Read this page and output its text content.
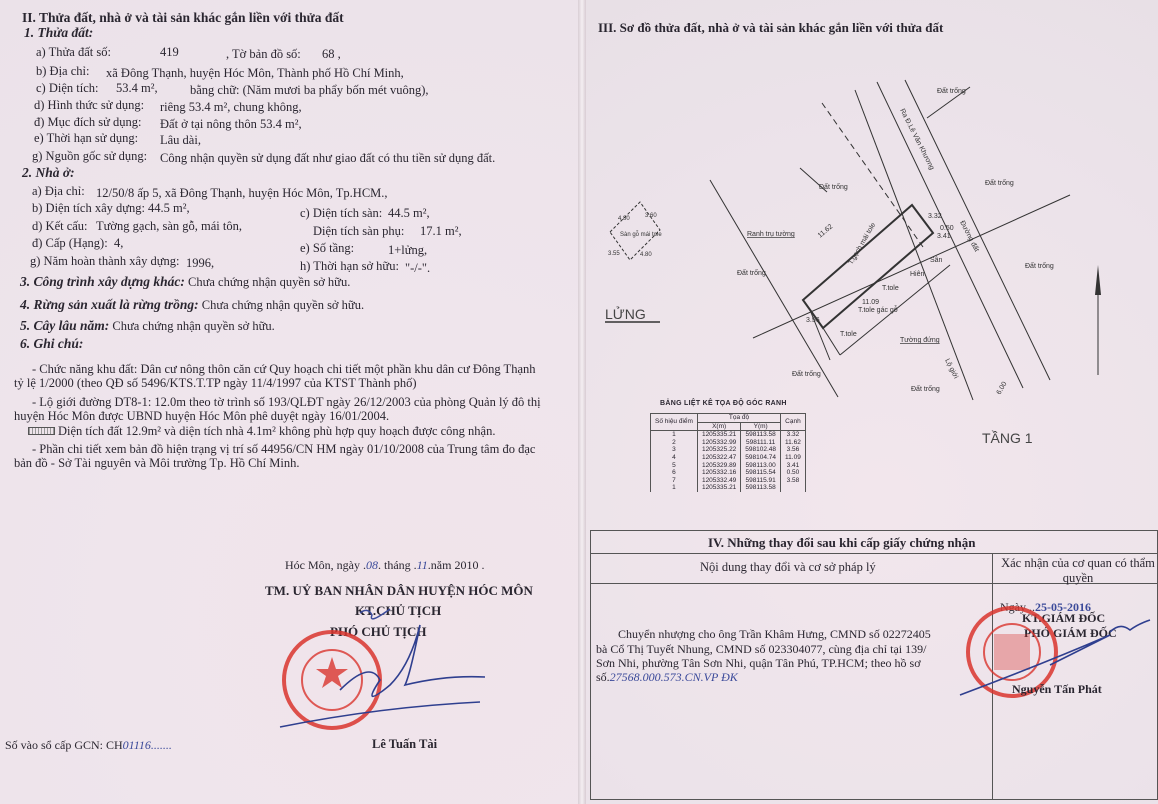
II. Thửa đất, nhà ở và tài sản khác gắn liền với thửa đất
1. Thửa đất:
a) Thửa đất số:	419	, Tờ bản đồ số: 68 ,
b) Địa chỉ: xã Đông Thạnh, huyện Hóc Môn, Thành phố Hồ Chí Minh,
c) Diện tích: 53.4 m²,	bằng chữ: (Năm mươi ba phẩy bốn mét vuông),
d) Hình thức sử dụng: riêng 53.4 m², chung không,
đ) Mục đích sử dụng: Đất ở tại nông thôn 53.4 m²,
e) Thời hạn sử dụng: Lâu dài,
g) Nguồn gốc sử dụng: Công nhận quyền sử dụng đất như giao đất có thu tiền sử dụng đất.
2. Nhà ở:
a) Địa chỉ: 12/50/8 ấp 5, xã Đông Thạnh, huyện Hóc Môn, Tp.HCM.,
b) Diện tích xây dựng: 44.5 m²,	c) Diện tích sàn: 44.5 m²,
d) Kết cấu: Tường gạch, sàn gỗ, mái tôn,	Diện tích sàn phụ: 17.1 m²,
đ) Cấp (Hạng): 4,	e) Số tầng:	1+lửng,
g) Năm hoàn thành xây dựng: 1996,	h) Thời hạn sở hữu: "-/-".
3. Công trình xây dựng khác: Chưa chứng nhận quyền sở hữu.
4. Rừng sản xuất là rừng trồng: Chưa chứng nhận quyền sở hữu.
5. Cây lâu năm: Chưa chứng nhận quyền sở hữu.
6. Ghi chú:
- Chức năng khu đất: Dân cư nông thôn căn cứ Quy hoạch chi tiết một phần khu dân cư Đông Thạnh
tỷ lệ 1/2000 (theo QĐ số 5496/KTS.T.TP ngày 11/4/1997 của KTST Thành phố)
- Lộ giới đường DT8-1: 12.0m theo tờ trình số 193/QLĐT ngày 26/12/2003 của phòng Quản lý đô thị
huyện Hóc Môn được UBND huyện Hóc Môn phê duyệt ngày 16/01/2004.
Diện tích đất 12.9m² và diện tích nhà 4.1m² không phù hợp quy hoạch được công nhận.
- Phần chi tiết xem bản đồ hiện trạng vị trí số 44956/CN HM ngày 01/10/2008 của Trung tâm đo đạc
bản đồ - Sở Tài nguyên và Môi trường Tp. Hồ Chí Minh.
Hóc Môn, ngày .08. tháng .11.năm 2010 .
TM. UỶ BAN NHÂN DÂN HUYỆN HÓC MÔN
KT.CHỦ TỊCH
PHÓ CHỦ TỊCH
Lê Tuấn Tài
Số vào sổ cấp GCN: CH01116.......
III. Sơ đồ thửa đất, nhà ở và tài sản khác gắn liền với thửa đất
Đất trống
Đất trống
Đất trống
Đất trống
Đất trống
Đất trống
Đất trống
Ra Đ.Lê Văn Khương
Đường đất
Ranh trụ tường
Tường đứng
Lộ giới
Sân
Hiên
T.tole
T.tole
T.tole gác gỗ
T.gạch mái tole
Sàn gỗ mái tole	11.62
3.32
3.56
11.09
3.41
0.50
6.00
4.80	3.60
3.55	4.80
LỬNG
TẦNG 1
BẢNG LIỆT KÊ TỌA ĐỘ GÓC RANH
Số hiệu điểm	Tọa độ		Cạnh
	X(m)	Y(m)	
1	1205335.21	598113.58	3.32
2	1205332.99	598111.11	11.62
3	1205325.22	598102.48	3.56
4	1205322.47	598104.74	11.09
5	1205329.89	598113.00	3.41
6	1205332.16	598115.54	0.50
7	1205332.49	598115.91	3.58
1	1205335.21	598113.58	
IV. Những thay đổi sau khi cấp giấy chứng nhận
Nội dung thay đổi và cơ sở pháp lý	Xác nhận của cơ quan có thẩm quyền
Chuyển nhượng cho ông Trần Khâm Hưng, CMND số 02272405
bà Cổ Thị Tuyết Nhung, CMND số 023304077, cùng địa chỉ tại 139/
Sơn Nhi, phường Tân Sơn Nhi, quận Tân Phú, TP.HCM; theo hồ sơ
số.27568.000.573.CN.VP ĐK
Ngày ..25-05-2016
KT.GIÁM ĐỐC
PHÓ GIÁM ĐỐC
Nguyễn Tấn Phát
